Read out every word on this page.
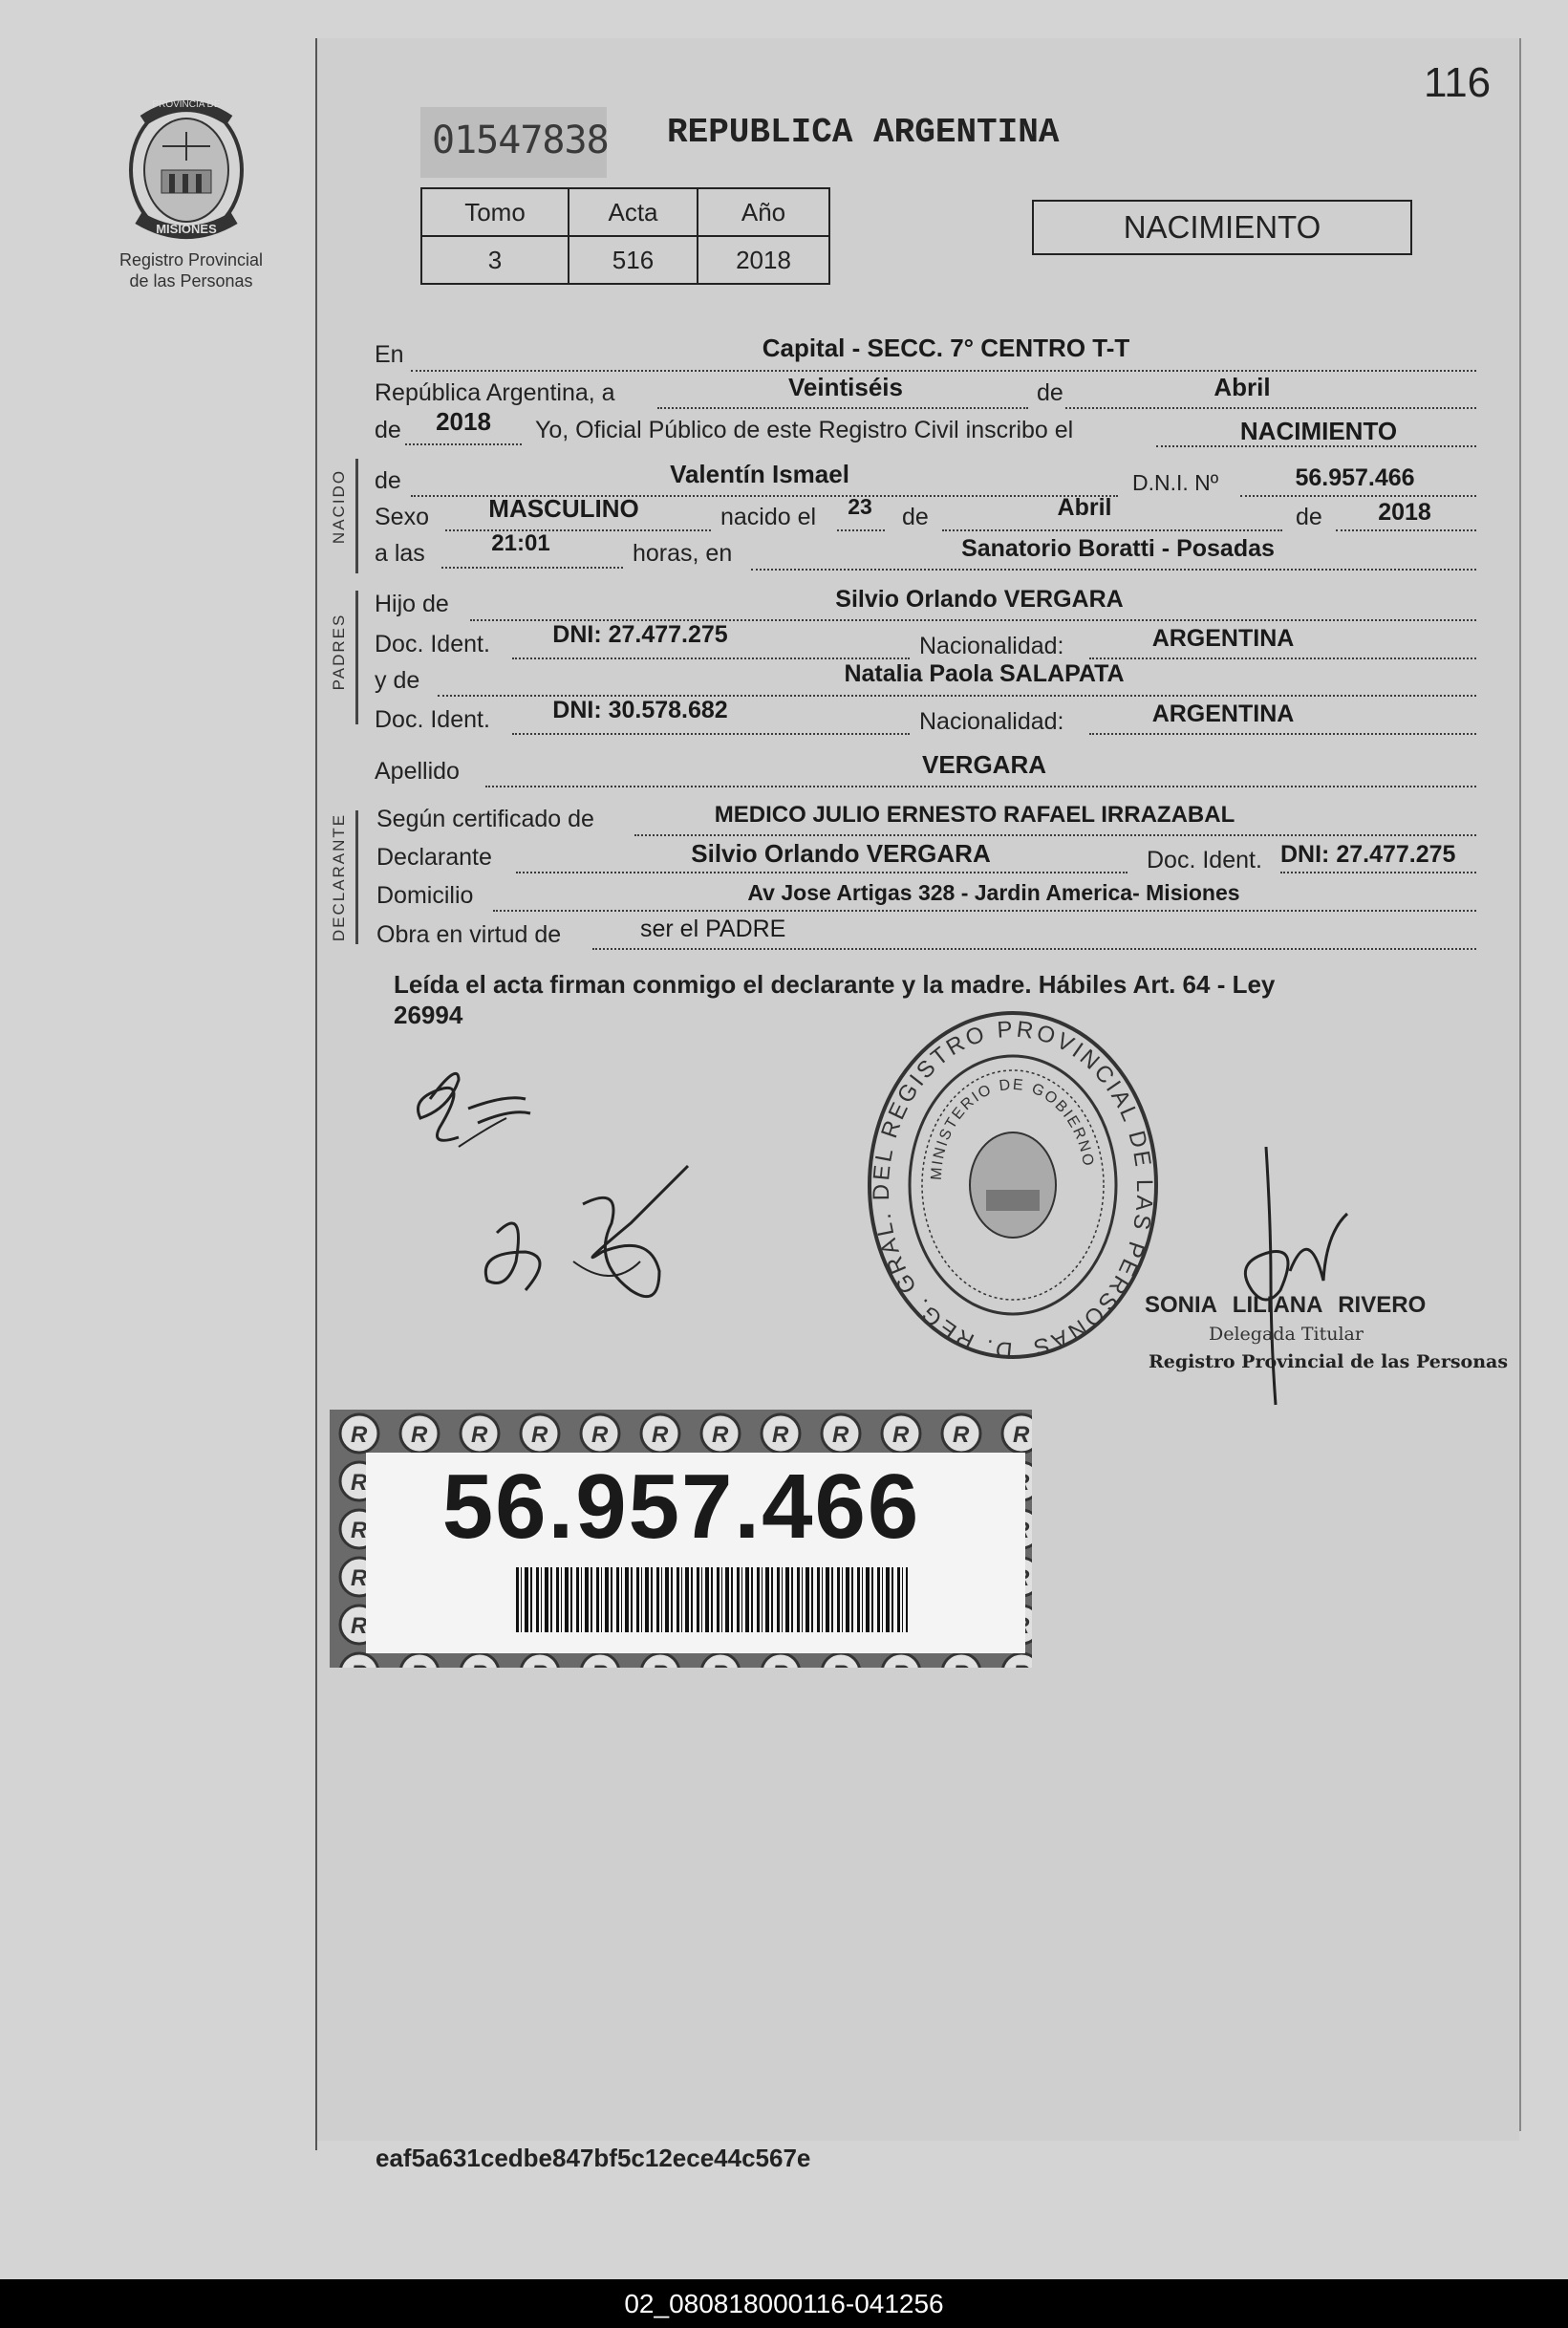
116
PROVINCIA DE
MISIONES
Registro Provincial
de las Personas
01547838 REPUBLICA ARGENTINA
Tomo	Acta	Año
3	516	2018
NACIMIENTO
En	Capital - SECC. 7° CENTRO T-T
República Argentina, a	Veintiséis	de	Abril
de	2018	Yo, Oficial Público de este Registro Civil inscribo el	NACIMIENTO
NACIDO de	Valentín Ismael	D.N.I. Nº	56.957.466
Sexo	MASCULINO	nacido el	23 de	Abril	de	2018
a las	21:01	horas, en	Sanatorio Boratti - Posadas
PADRES
Hijo de	Silvio Orlando VERGARA
Doc. Ident.	DNI: 27.477.275	Nacionalidad:	ARGENTINA
y de	Natalia Paola SALAPATA
Doc. Ident.	DNI: 30.578.682	Nacionalidad:	ARGENTINA
Apellido	VERGARA
DECLARANTE Según certificado de	MEDICO JULIO ERNESTO RAFAEL IRRAZABAL
Declarante	Silvio Orlando VERGARA	Doc. Ident. DNI: 27.477.275
Domicilio	Av Jose Artigas 328 - Jardin America- Misiones
Obra en virtud de	ser el PADRE
Leída el acta firman conmigo el declarante y la madre. Hábiles Art. 64 - Ley
26994
D. REG. GRAL. DEL REGISTRO PROVINCIAL DE LAS PERSONAS
MINISTERIO DE GOBIERNO
SONIA LILIANA RIVERO
Delegada Titular
Registro Provincial de las Personas
56.957.466
eaf5a631cedbe847bf5c12ece44c567e
02_080818000116-041256
